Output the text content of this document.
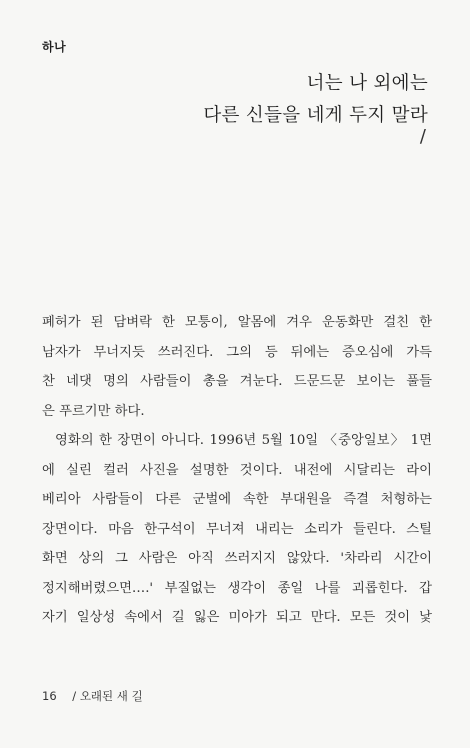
하나
너는 나 외에는
다른 신들을 네게 두지 말라
/
폐허가 된 담벼락 한 모퉁이, 알몸에 겨우 운동화만 걸친 한
남자가 무너지듯 쓰러진다. 그의 등 뒤에는 증오심에 가득
찬 네댓 명의 사람들이 총을 겨눈다. 드문드문 보이는 풀들
은 푸르기만 하다.
영화의 한 장면이 아니다. 1996년 5월 10일 〈중앙일보〉 1면
에 실린 컬러 사진을 설명한 것이다. 내전에 시달리는 라이
베리아 사람들이 다른 군벌에 속한 부대원을 즉결 처형하는
장면이다. 마음 한구석이 무너져 내리는 소리가 들린다. 스틸
화면 상의 그 사람은 아직 쓰러지지 않았다. '차라리 시간이
정지해버렸으면….' 부질없는 생각이 종일 나를 괴롭힌다. 갑
자기 일상성 속에서 길 잃은 미아가 되고 만다. 모든 것이 낯
16 / 오래된 새 길
